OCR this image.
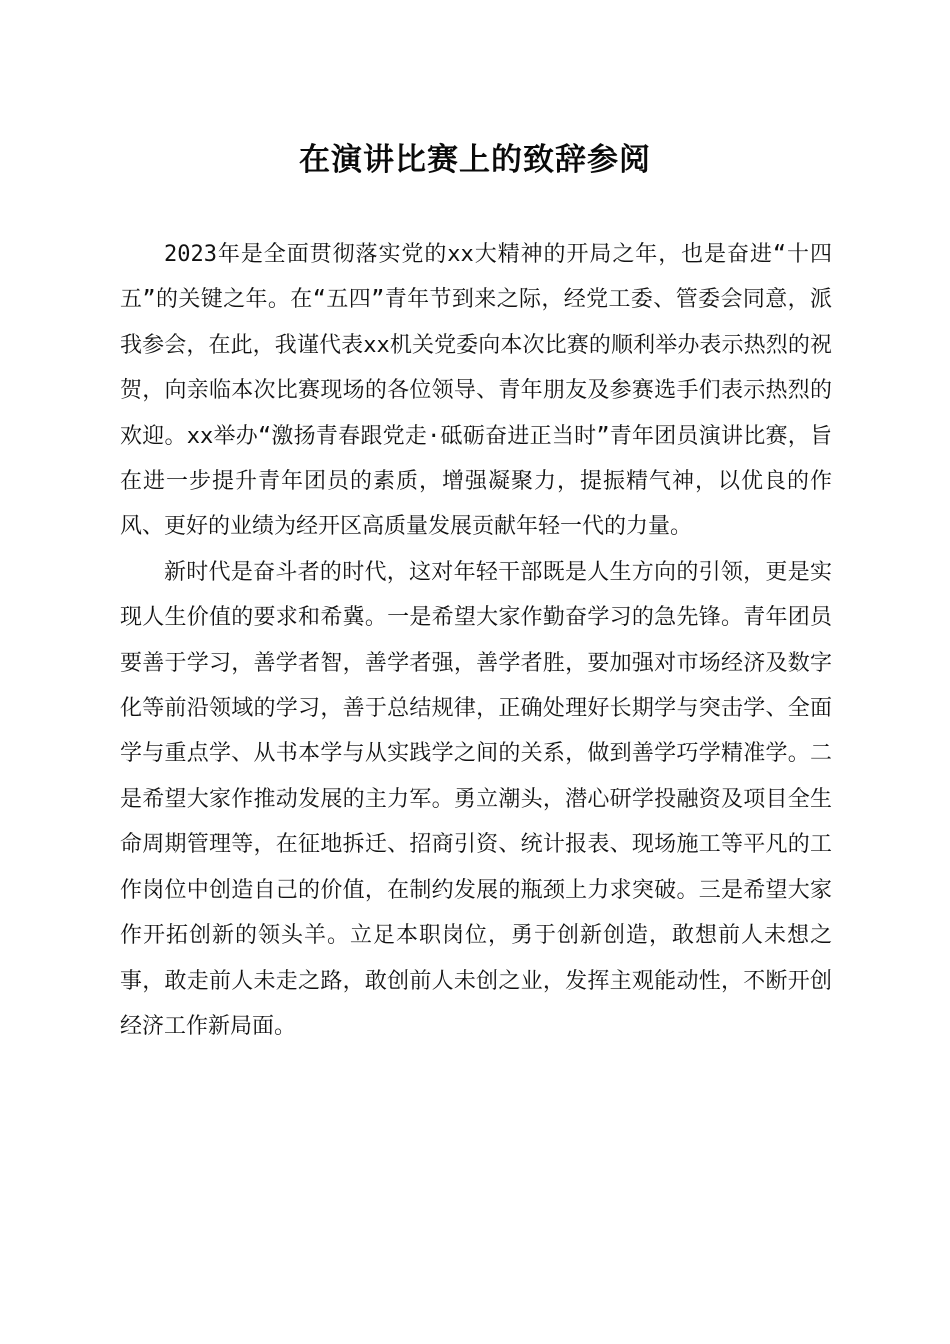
在演讲比赛上的致辞参阅

2023年是全面贯彻落实党的xx大精神的开局之年，也是奋进“十四五”的关键之年。在“五四”青年节到来之际，经党工委、管委会同意，派我参会，在此，我谨代表xx机关党委向本次比赛的顺利举办表示热烈的祝贺，向亲临本次比赛现场的各位领导、青年朋友及参赛选手们表示热烈的欢迎。xx举办“激扬青春跟党走·砥砺奋进正当时”青年团员演讲比赛，旨在进一步提升青年团员的素质，增强凝聚力，提振精气神，以优良的作风、更好的业绩为经开区高质量发展贡献年轻一代的力量。

新时代是奋斗者的时代，这对年轻干部既是人生方向的引领，更是实现人生价值的要求和希冀。一是希望大家作勤奋学习的急先锋。青年团员要善于学习，善学者智，善学者强，善学者胜，要加强对市场经济及数字化等前沿领域的学习，善于总结规律，正确处理好长期学与突击学、全面学与重点学、从书本学与从实践学之间的关系，做到善学巧学精准学。二是希望大家作推动发展的主力军。勇立潮头，潜心研学投融资及项目全生命周期管理等，在征地拆迁、招商引资、统计报表、现场施工等平凡的工作岗位中创造自己的价值，在制约发展的瓶颈上力求突破。三是希望大家作开拓创新的领头羊。立足本职岗位，勇于创新创造，敢想前人未想之事，敢走前人未走之路，敢创前人未创之业，发挥主观能动性，不断开创经济工作新局面。
